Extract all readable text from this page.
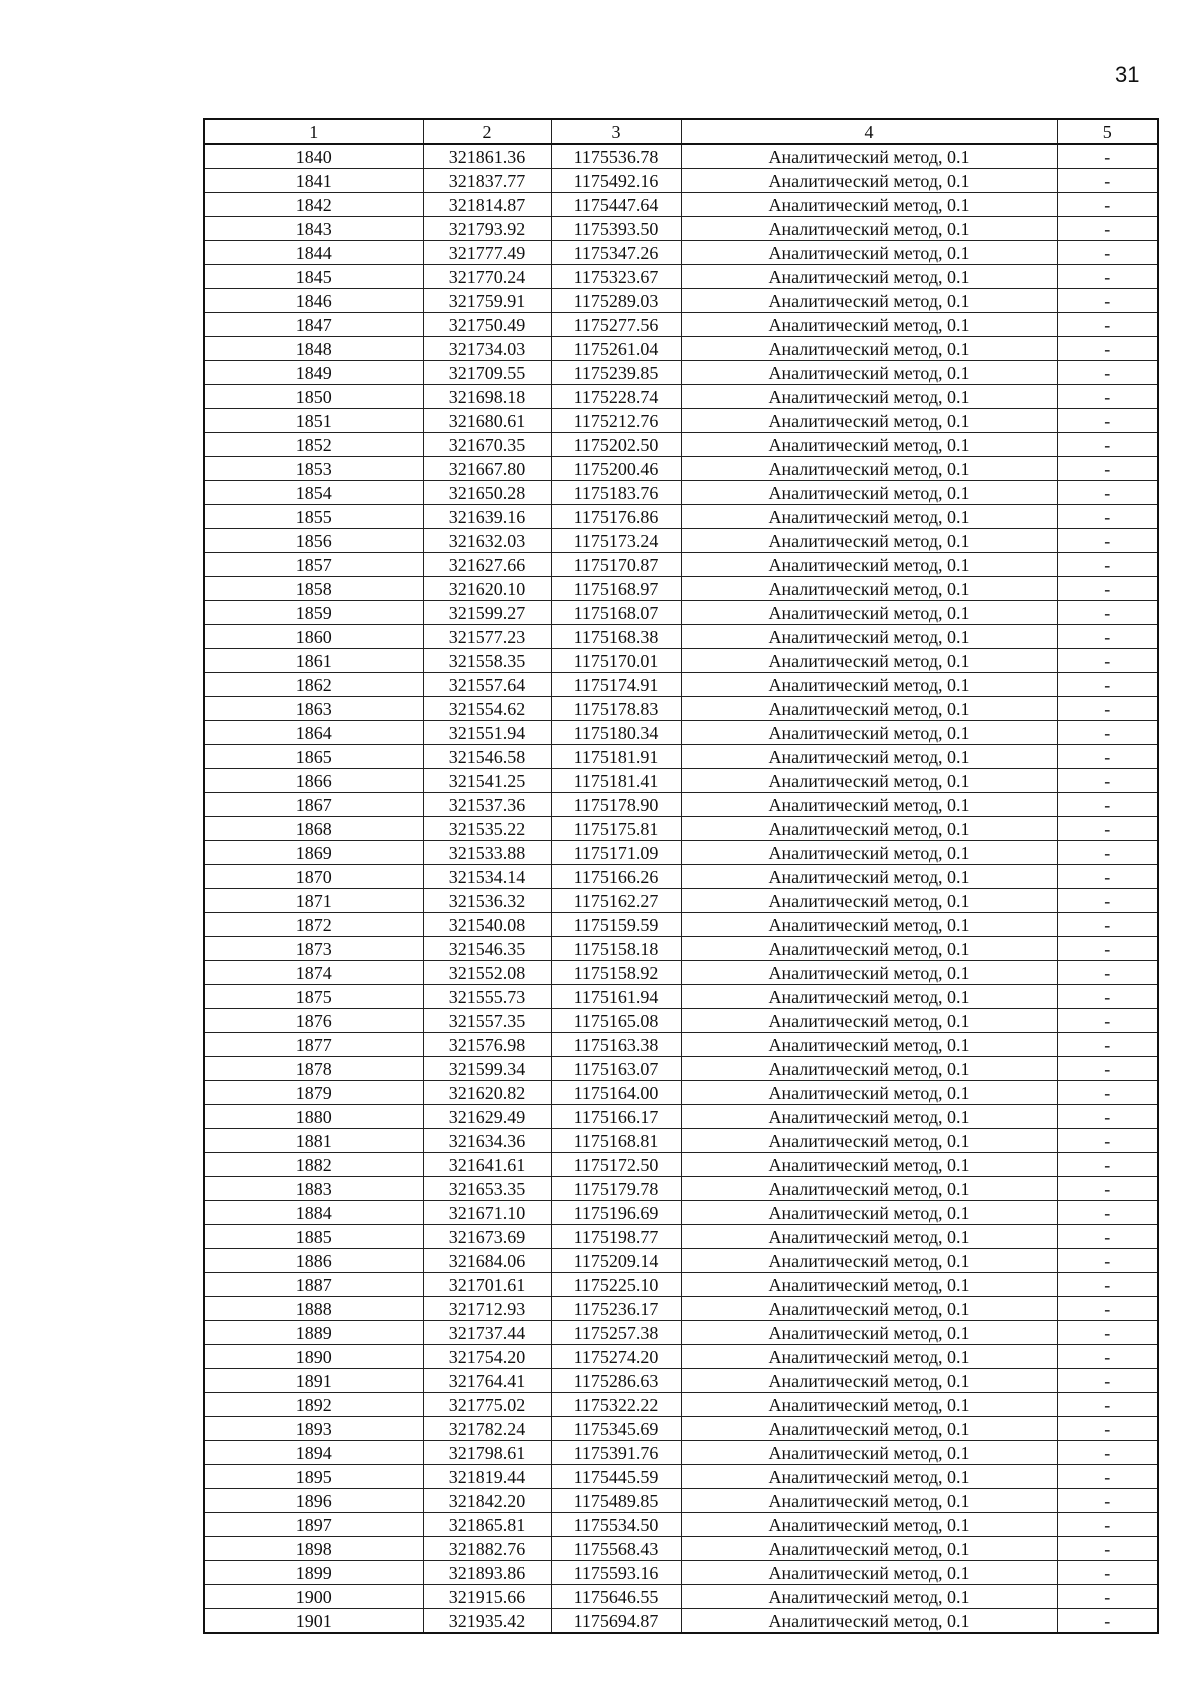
31
1	2	3	4	5
1840	321861.36	1175536.78	Аналитический метод, 0.1	-
1841	321837.77	1175492.16	Аналитический метод, 0.1	-
1842	321814.87	1175447.64	Аналитический метод, 0.1	-
1843	321793.92	1175393.50	Аналитический метод, 0.1	-
1844	321777.49	1175347.26	Аналитический метод, 0.1	-
1845	321770.24	1175323.67	Аналитический метод, 0.1	-
1846	321759.91	1175289.03	Аналитический метод, 0.1	-
1847	321750.49	1175277.56	Аналитический метод, 0.1	-
1848	321734.03	1175261.04	Аналитический метод, 0.1	-
1849	321709.55	1175239.85	Аналитический метод, 0.1	-
1850	321698.18	1175228.74	Аналитический метод, 0.1	-
1851	321680.61	1175212.76	Аналитический метод, 0.1	-
1852	321670.35	1175202.50	Аналитический метод, 0.1	-
1853	321667.80	1175200.46	Аналитический метод, 0.1	-
1854	321650.28	1175183.76	Аналитический метод, 0.1	-
1855	321639.16	1175176.86	Аналитический метод, 0.1	-
1856	321632.03	1175173.24	Аналитический метод, 0.1	-
1857	321627.66	1175170.87	Аналитический метод, 0.1	-
1858	321620.10	1175168.97	Аналитический метод, 0.1	-
1859	321599.27	1175168.07	Аналитический метод, 0.1	-
1860	321577.23	1175168.38	Аналитический метод, 0.1	-
1861	321558.35	1175170.01	Аналитический метод, 0.1	-
1862	321557.64	1175174.91	Аналитический метод, 0.1	-
1863	321554.62	1175178.83	Аналитический метод, 0.1	-
1864	321551.94	1175180.34	Аналитический метод, 0.1	-
1865	321546.58	1175181.91	Аналитический метод, 0.1	-
1866	321541.25	1175181.41	Аналитический метод, 0.1	-
1867	321537.36	1175178.90	Аналитический метод, 0.1	-
1868	321535.22	1175175.81	Аналитический метод, 0.1	-
1869	321533.88	1175171.09	Аналитический метод, 0.1	-
1870	321534.14	1175166.26	Аналитический метод, 0.1	-
1871	321536.32	1175162.27	Аналитический метод, 0.1	-
1872	321540.08	1175159.59	Аналитический метод, 0.1	-
1873	321546.35	1175158.18	Аналитический метод, 0.1	-
1874	321552.08	1175158.92	Аналитический метод, 0.1	-
1875	321555.73	1175161.94	Аналитический метод, 0.1	-
1876	321557.35	1175165.08	Аналитический метод, 0.1	-
1877	321576.98	1175163.38	Аналитический метод, 0.1	-
1878	321599.34	1175163.07	Аналитический метод, 0.1	-
1879	321620.82	1175164.00	Аналитический метод, 0.1	-
1880	321629.49	1175166.17	Аналитический метод, 0.1	-
1881	321634.36	1175168.81	Аналитический метод, 0.1	-
1882	321641.61	1175172.50	Аналитический метод, 0.1	-
1883	321653.35	1175179.78	Аналитический метод, 0.1	-
1884	321671.10	1175196.69	Аналитический метод, 0.1	-
1885	321673.69	1175198.77	Аналитический метод, 0.1	-
1886	321684.06	1175209.14	Аналитический метод, 0.1	-
1887	321701.61	1175225.10	Аналитический метод, 0.1	-
1888	321712.93	1175236.17	Аналитический метод, 0.1	-
1889	321737.44	1175257.38	Аналитический метод, 0.1	-
1890	321754.20	1175274.20	Аналитический метод, 0.1	-
1891	321764.41	1175286.63	Аналитический метод, 0.1	-
1892	321775.02	1175322.22	Аналитический метод, 0.1	-
1893	321782.24	1175345.69	Аналитический метод, 0.1	-
1894	321798.61	1175391.76	Аналитический метод, 0.1	-
1895	321819.44	1175445.59	Аналитический метод, 0.1	-
1896	321842.20	1175489.85	Аналитический метод, 0.1	-
1897	321865.81	1175534.50	Аналитический метод, 0.1	-
1898	321882.76	1175568.43	Аналитический метод, 0.1	-
1899	321893.86	1175593.16	Аналитический метод, 0.1	-
1900	321915.66	1175646.55	Аналитический метод, 0.1	-
1901	321935.42	1175694.87	Аналитический метод, 0.1	-
